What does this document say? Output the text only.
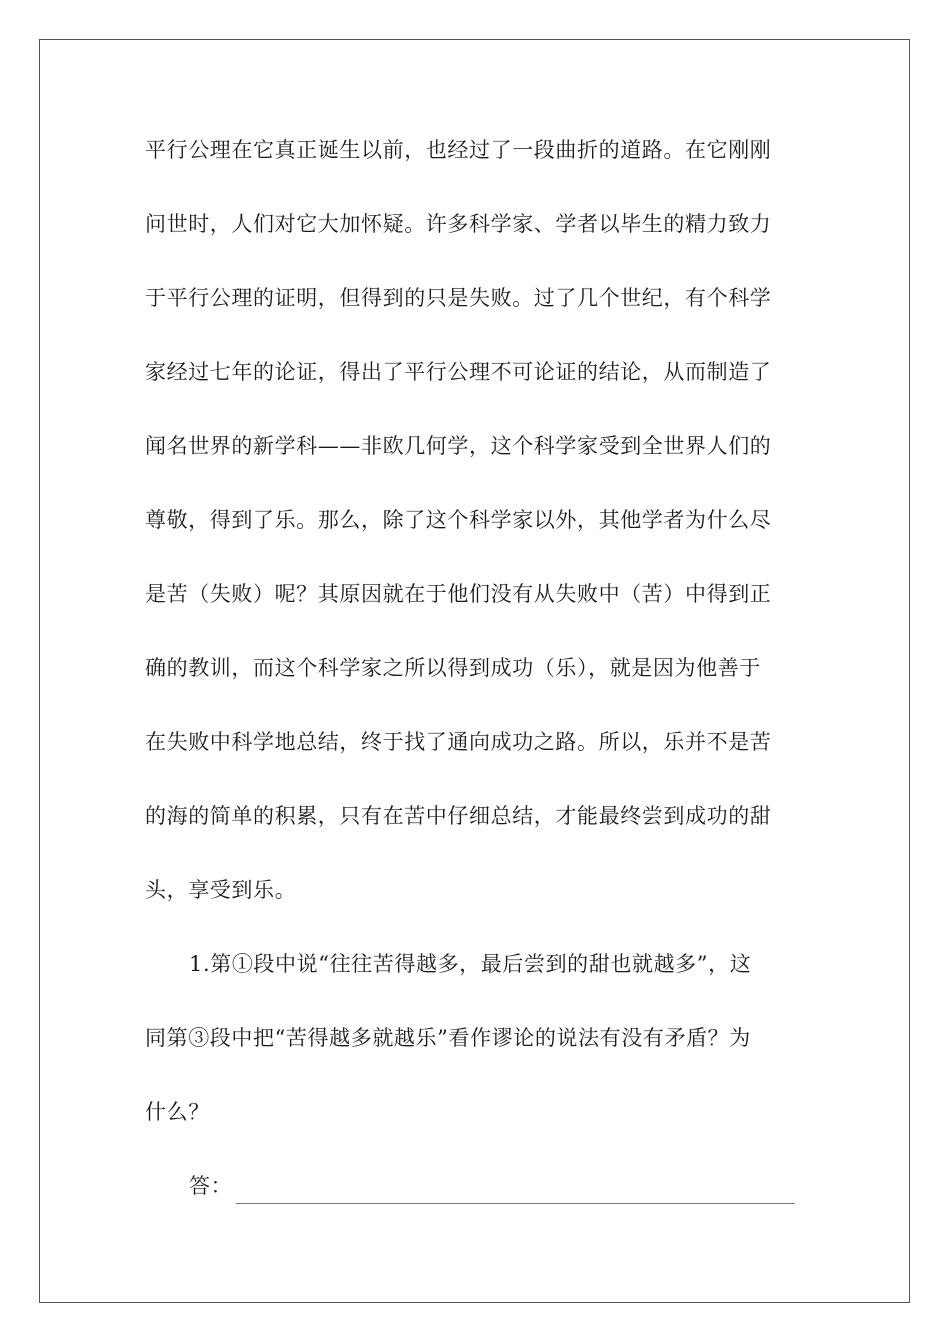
平行公理在它真正诞生以前，也经过了一段曲折的道路。在它刚刚
问世时，人们对它大加怀疑。许多科学家、学者以毕生的精力致力
于平行公理的证明，但得到的只是失败。过了几个世纪，有个科学
家经过七年的论证，得出了平行公理不可论证的结论，从而制造了
闻名世界的新学科——非欧几何学，这个科学家受到全世界人们的
尊敬，得到了乐。那么，除了这个科学家以外，其他学者为什么尽
是苦（失败）呢？其原因就在于他们没有从失败中（苦）中得到正
确的教训，而这个科学家之所以得到成功（乐），就是因为他善于
在失败中科学地总结，终于找了通向成功之路。所以，乐并不是苦
的海的简单的积累，只有在苦中仔细总结，才能最终尝到成功的甜
头，享受到乐。
1.第①段中说“往往苦得越多，最后尝到的甜也就越多”，这
同第③段中把“苦得越多就越乐”看作谬论的说法有没有矛盾？为
什么？
答：
